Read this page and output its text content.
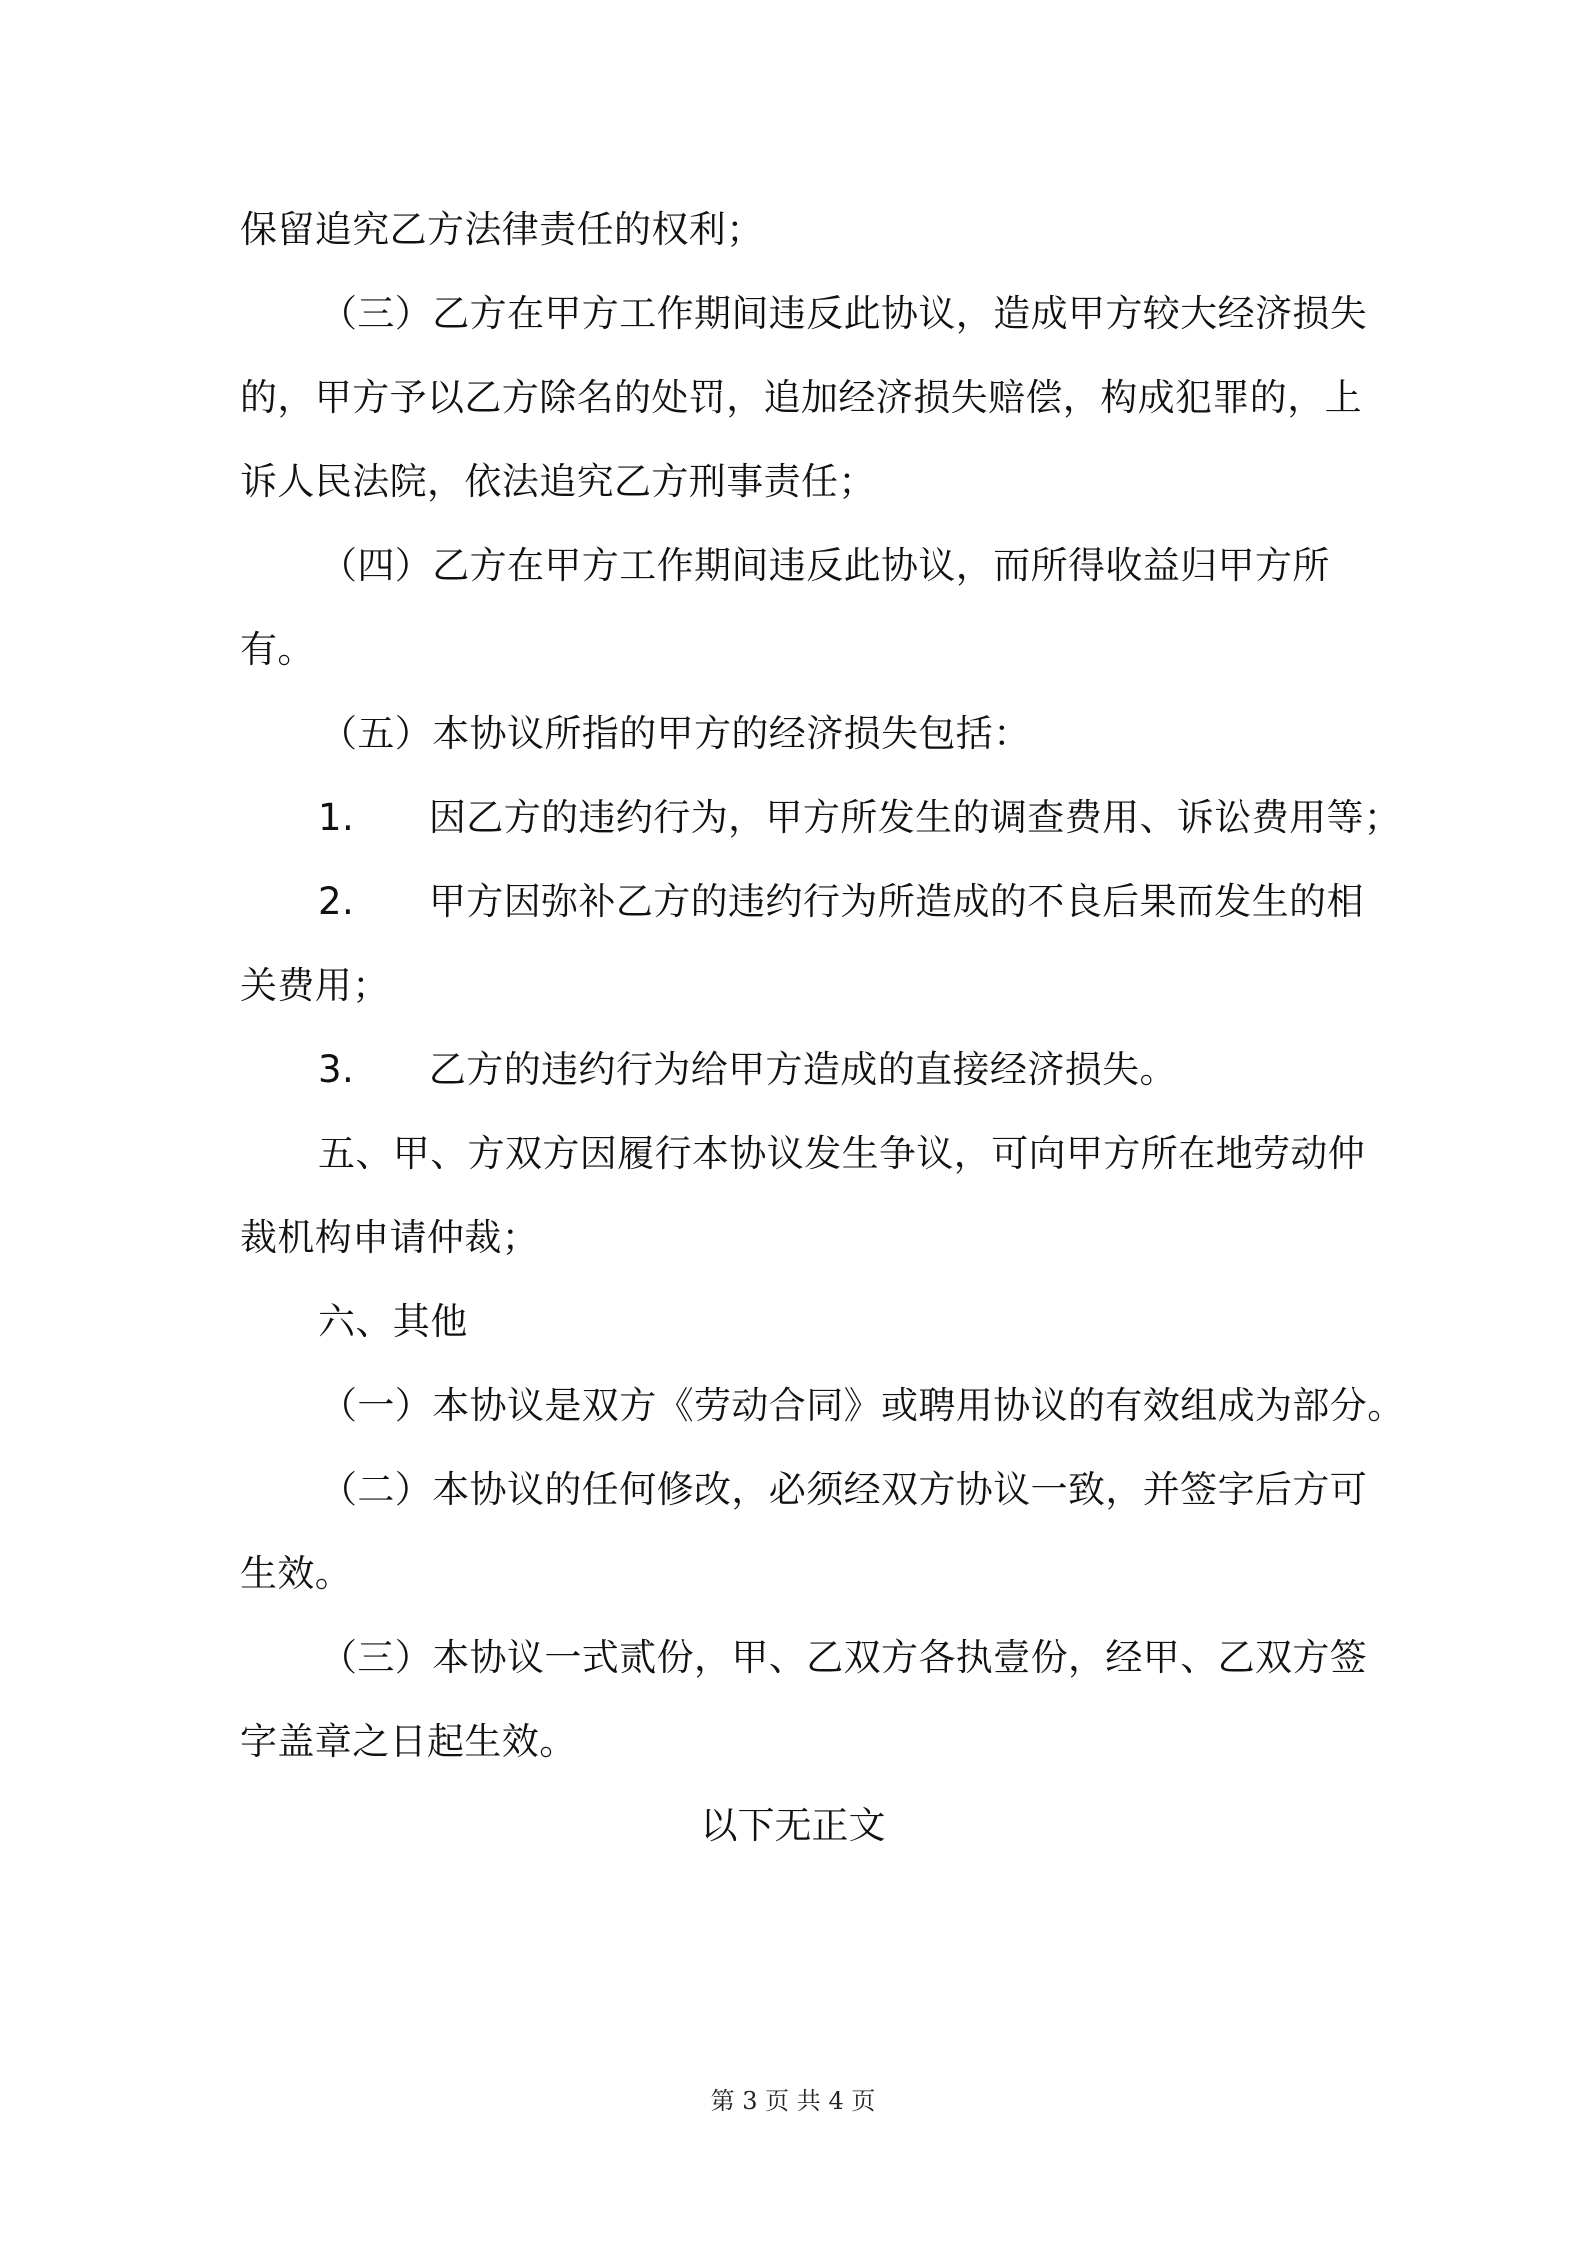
保留追究乙方法律责任的权利；
（三）乙方在甲方工作期间违反此协议，造成甲方较大经济损失
的，甲方予以乙方除名的处罚，追加经济损失赔偿，构成犯罪的，上
诉人民法院，依法追究乙方刑事责任；
（四）乙方在甲方工作期间违反此协议，而所得收益归甲方所
有。
（五）本协议所指的甲方的经济损失包括：
1.　　因乙方的违约行为，甲方所发生的调查费用、诉讼费用等；
2.　　甲方因弥补乙方的违约行为所造成的不良后果而发生的相
关费用；
3.　　乙方的违约行为给甲方造成的直接经济损失。
五、甲、方双方因履行本协议发生争议，可向甲方所在地劳动仲
裁机构申请仲裁；
六、其他
（一）本协议是双方《劳动合同》或聘用协议的有效组成为部分。
（二）本协议的任何修改，必须经双方协议一致，并签字后方可
生效。
（三）本协议一式贰份，甲、乙双方各执壹份，经甲、乙双方签
字盖章之日起生效。
以下无正文
第 3 页 共 4 页
